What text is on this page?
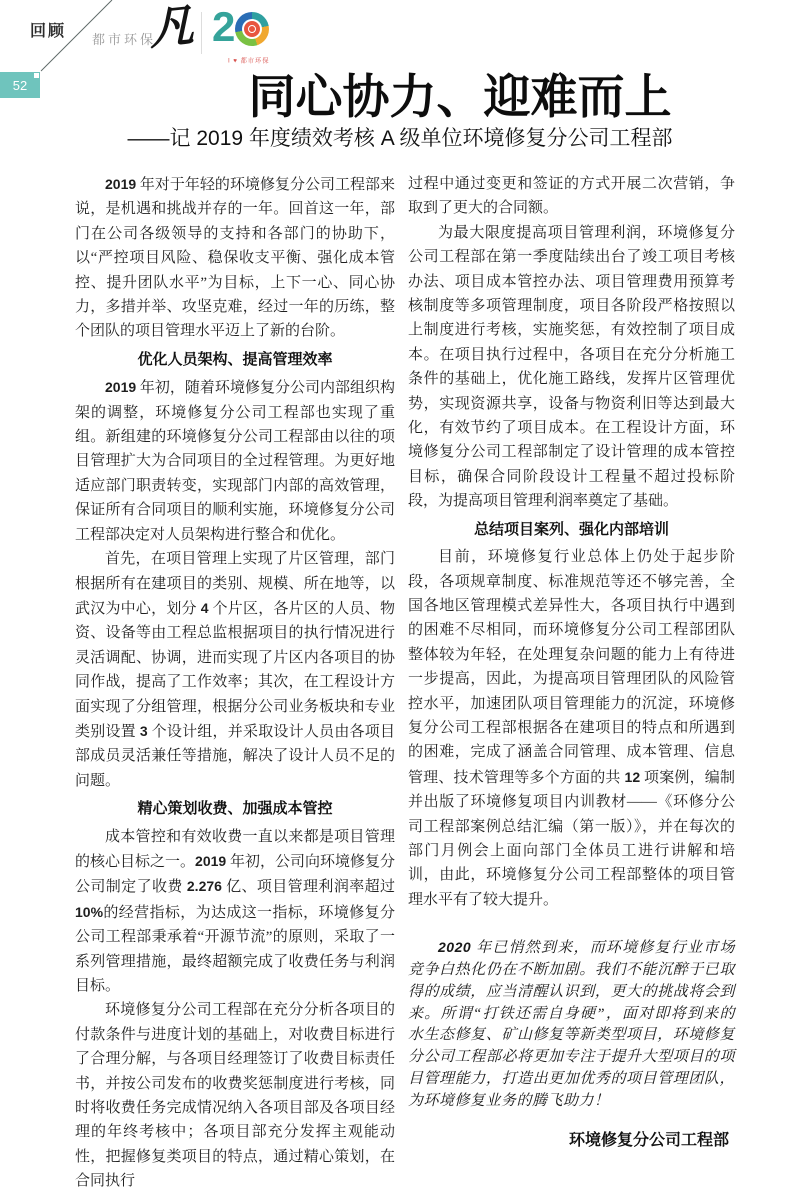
回顾 都市环保
凡 2
I ♥ 都市环保
52	同心协力、迎难而上
——记 2019 年度绩效考核 A 级单位环境修复分公司工程部

2019 年对于年轻的环境修复分公司工程部来说，是机遇和挑战并存的一年。回首这一年，部门在公司各级领导的支持和各部门的协助下，以“严控项目风险、稳保收支平衡、强化成本管控、提升团队水平”为目标，上下一心、同心协力，多措并举、攻坚克难，经过一年的历练，整个团队的项目管理水平迈上了新的台阶。

优化人员架构、提高管理效率

2019 年初，随着环境修复分公司内部组织构架的调整，环境修复分公司工程部也实现了重组。新组建的环境修复分公司工程部由以往的项目管理扩大为合同项目的全过程管理。为更好地适应部门职责转变，实现部门内部的高效管理，保证所有合同项目的顺利实施，环境修复分公司工程部决定对人员架构进行整合和优化。

首先，在项目管理上实现了片区管理，部门根据所有在建项目的类别、规模、所在地等，以武汉为中心，划分 4 个片区，各片区的人员、物资、设备等由工程总监根据项目的执行情况进行灵活调配、协调，进而实现了片区内各项目的协同作战，提高了工作效率；其次，在工程设计方面实现了分组管理，根据分公司业务板块和专业类别设置 3 个设计组，并采取设计人员由各项目部成员灵活兼任等措施，解决了设计人员不足的问题。

精心策划收费、加强成本管控

成本管控和有效收费一直以来都是项目管理的核心目标之一。2019 年初，公司向环境修复分公司制定了收费 2.276 亿、项目管理利润率超过 10%的经营指标，为达成这一指标，环境修复分公司工程部秉承着“开源节流”的原则，采取了一系列管理措施，最终超额完成了收费任务与利润目标。

环境修复分公司工程部在充分分析各项目的付款条件与进度计划的基础上，对收费目标进行了合理分解，与各项目经理签订了收费目标责任书，并按公司发布的收费奖惩制度进行考核，同时将收费任务完成情况纳入各项目部及各项目经理的年终考核中；各项目部充分发挥主观能动性，把握修复类项目的特点，通过精心策划，在合同执行

过程中通过变更和签证的方式开展二次营销，争取到了更大的合同额。

为最大限度提高项目管理利润，环境修复分公司工程部在第一季度陆续出台了竣工项目考核办法、项目成本管控办法、项目管理费用预算考核制度等多项管理制度，项目各阶段严格按照以上制度进行考核，实施奖惩，有效控制了项目成本。在项目执行过程中，各项目在充分分析施工条件的基础上，优化施工路线，发挥片区管理优势，实现资源共享，设备与物资利旧等达到最大化，有效节约了项目成本。在工程设计方面，环境修复分公司工程部制定了设计管理的成本管控目标，确保合同阶段设计工程量不超过投标阶段，为提高项目管理利润率奠定了基础。

总结项目案列、强化内部培训

目前，环境修复行业总体上仍处于起步阶段，各项规章制度、标准规范等还不够完善，全国各地区管理模式差异性大，各项目执行中遇到的困难不尽相同，而环境修复分公司工程部团队整体较为年轻，在处理复杂问题的能力上有待进一步提高，因此，为提高项目管理团队的风险管控水平，加速团队项目管理能力的沉淀，环境修复分公司工程部根据各在建项目的特点和所遇到的困难，完成了涵盖合同管理、成本管理、信息管理、技术管理等多个方面的共 12 项案例，编制并出版了环境修复项目内训教材——《环修分公司工程部案例总结汇编（第一版）》，并在每次的部门月例会上面向部门全体员工进行讲解和培训，由此，环境修复分公司工程部整体的项目管理水平有了较大提升。

2020 年已悄然到来，而环境修复行业市场竞争白热化仍在不断加剧。我们不能沉醉于已取得的成绩，应当清醒认识到，更大的挑战将会到来。所谓“打铁还需自身硬”，面对即将到来的水生态修复、矿山修复等新类型项目，环境修复分公司工程部必将更加专注于提升大型项目的项目管理能力，打造出更加优秀的项目管理团队，为环境修复业务的腾飞助力！

环境修复分公司工程部
